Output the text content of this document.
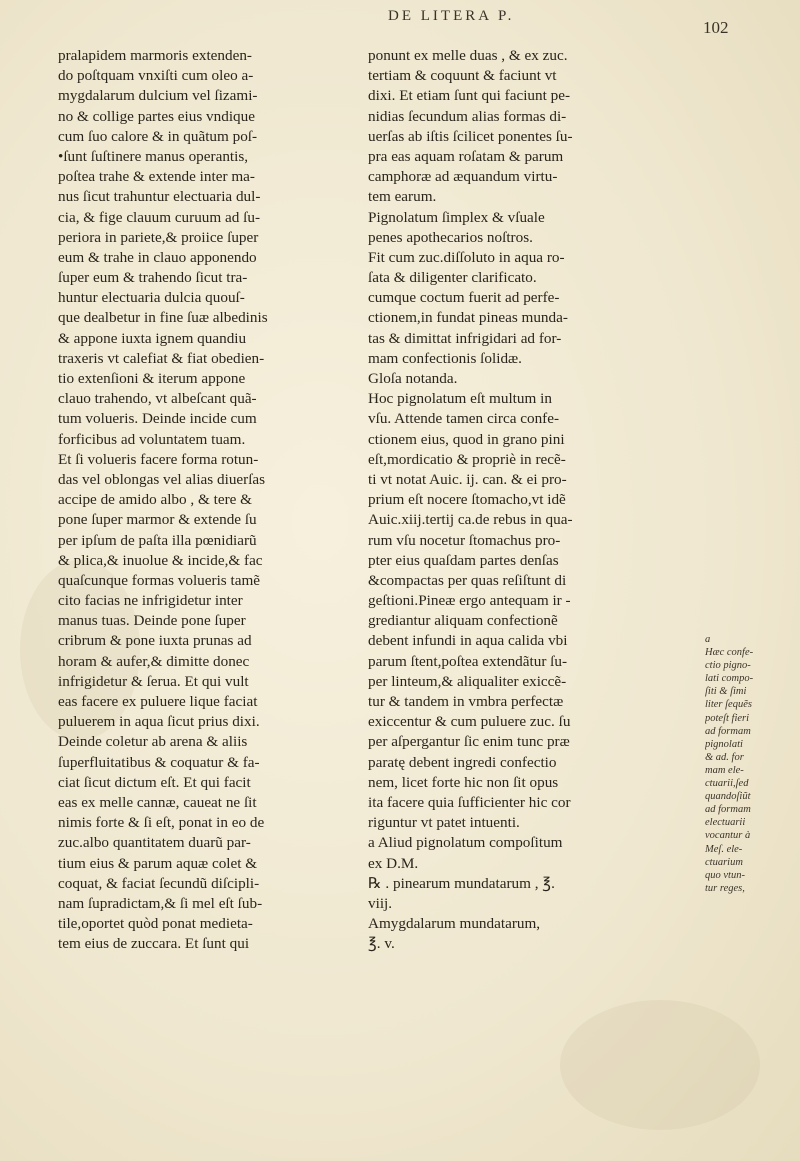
DE LITERA P.
102
pralapidem marmoris extenden-
do poſtquam vnxiſti cum oleo a-
mygdalarum dulcium vel ſizami-
no & collige partes eius vndique
cum ſuo calore & in quãtum poſ-
•ſunt ſuſtinere manus operantis,
poſtea trahe & extende inter ma-
nus ſicut trahuntur electuaria dul-
cia, & fige clauum curuum ad ſu-
periora in pariete,& proiice ſuper
eum & trahe in clauo apponendo
ſuper eum & trahendo ſicut tra-
huntur electuaria dulcia quouſ-
que dealbetur in fine ſuæ albedinis
& appone iuxta ignem quandiu
traxeris vt calefiat & fiat obedien-
tio extenſioni & iterum appone
clauo trahendo, vt albeſcant quã-
tum volueris. Deinde incide cum
forficibus ad voluntatem tuam.
Et ſi volueris facere forma rotun-
das vel oblongas vel alias diuerſas
accipe de amido albo , & tere &
pone ſuper marmor & extende ſu
per ipſum de paſta illa pœnidiarũ
& plica,& inuolue & incide,& fac
quaſcunque formas volueris tamẽ
cito facias ne infrigidetur inter
manus tuas. Deinde pone ſuper
cribrum & pone iuxta prunas ad
horam & aufer,& dimitte donec
infrigidetur & ſerua. Et qui vult
eas facere ex puluere lique faciat
puluerem in aqua ſicut prius dixi.
Deinde coletur ab arena & aliis
ſuperfluitatibus & coquatur & fa-
ciat ſicut dictum eſt. Et qui facit
eas ex melle cannæ, caueat ne ſit
nimis forte & ſi eſt, ponat in eo de
zuc.albo quantitatem duarũ par-
tium eius & parum aquæ colet &
coquat, & faciat ſecundũ diſcipli-
nam ſupradictam,& ſi mel eſt ſub-
tile,oportet quòd ponat medieta-
tem eius de zuccara. Et ſunt qui
ponunt ex melle duas , & ex zuc.
tertiam & coquunt & faciunt vt
dixi. Et etiam ſunt qui faciunt pe-
nidias ſecundum alias formas di-
uerſas ab iſtis ſcilicet ponentes ſu-
pra eas aquam roſatam & parum
camphoræ ad æquandum virtu-
tem earum.
Pignolatum ſimplex & vſuale
penes apothecarios noſtros.
Fit cum zuc.diſſoluto in aqua ro-
ſata & diligenter clarificato.
cumque coctum fuerit ad perfe-
ctionem,in fundat pineas munda-
tas & dimittat infrigidari ad for-
mam confectionis ſolidæ.
Gloſa notanda.
Hoc pignolatum eſt multum in
vſu. Attende tamen circa confe-
ctionem eius, quod in grano pini
eſt,mordicatio & propriè in recẽ-
ti vt notat Auic. ij. can. & ei pro-
prium eſt nocere ſtomacho,vt idẽ
Auic.xiij.tertij ca.de rebus in qua-
rum vſu nocetur ſtomachus pro-
pter eius quaſdam partes denſas
&compactas per quas reſiſtunt di
geſtioni.Pineæ ergo antequam ir -
grediantur aliquam confectionẽ
debent infundi in aqua calida vbi
parum ſtent,poſtea extendãtur ſu-
per linteum,& aliqualiter exiccẽ-
tur & tandem in vmbra perfectæ
exiccentur & cum puluere zuc. ſu
per aſpergantur ſic enim tunc præ
paratę debent ingredi confectio
nem, licet forte hic non ſit opus
ita facere quia ſufficienter hic cor
riguntur vt patet intuenti.
a Aliud pignolatum compoſitum
ex D.M.
℞ . pinearum mundatarum , ℥.
viij.
Amygdalarum mundatarum,
℥. v.
a
Hæc confe-
ctio pigno-
lati compo-
ſiti & ſimi
liter ſequẽs
poteſt fieri
ad formam
pignolati
& ad. for
mam ele-
ctuarii,ſed
quandoſiũt
ad formam
electuarii
vocantur à
Meſ. ele-
ctuarium
quo vtun-
tur reges,
